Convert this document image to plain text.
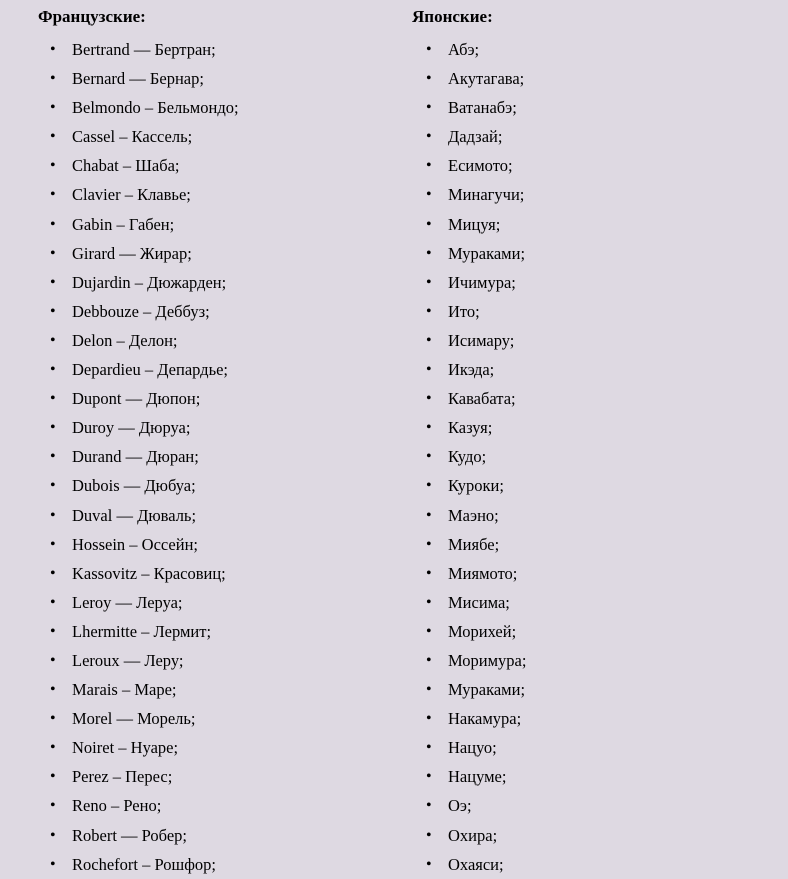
Французские:
• Bertrand — Бертран;
• Bernard — Бернар;
• Belmondo – Бельмондо;
• Cassel – Кассель;
• Chabat – Шаба;
• Clavier – Клавье;
• Gabin – Габен;
• Girard — Жирар;
• Dujardin – Дюжарден;
• Debbouze – Деббуз;
• Delon – Делон;
• Depardieu – Депардье;
• Dupont — Дюпон;
• Duroy — Дюруа;
• Durand — Дюран;
• Dubois — Дюбуа;
• Duval — Дюваль;
• Hossein – Оссейн;
• Kassovitz – Красовиц;
• Leroy — Леруа;
• Lhermitte – Лермит;
• Leroux — Леру;
• Marais – Маре;
• Morel — Морель;
• Noiret – Нуаре;
• Perez – Перес;
• Reno – Рено;
• Robert — Робер;
• Rochefort – Рошфор;
Японские:
• Абэ;
• Акутагава;
• Ватанабэ;
• Дадзай;
• Есимото;
• Минагучи;
• Мицуя;
• Мураками;
• Ичимура;
• Ито;
• Исимару;
• Икэда;
• Кавабата;
• Казуя;
• Кудо;
• Куроки;
• Маэно;
• Миябе;
• Миямото;
• Мисима;
• Морихей;
• Моримура;
• Мураками;
• Накамура;
• Нацуо;
• Нацуме;
• Оэ;
• Охира;
• Охаяси;
